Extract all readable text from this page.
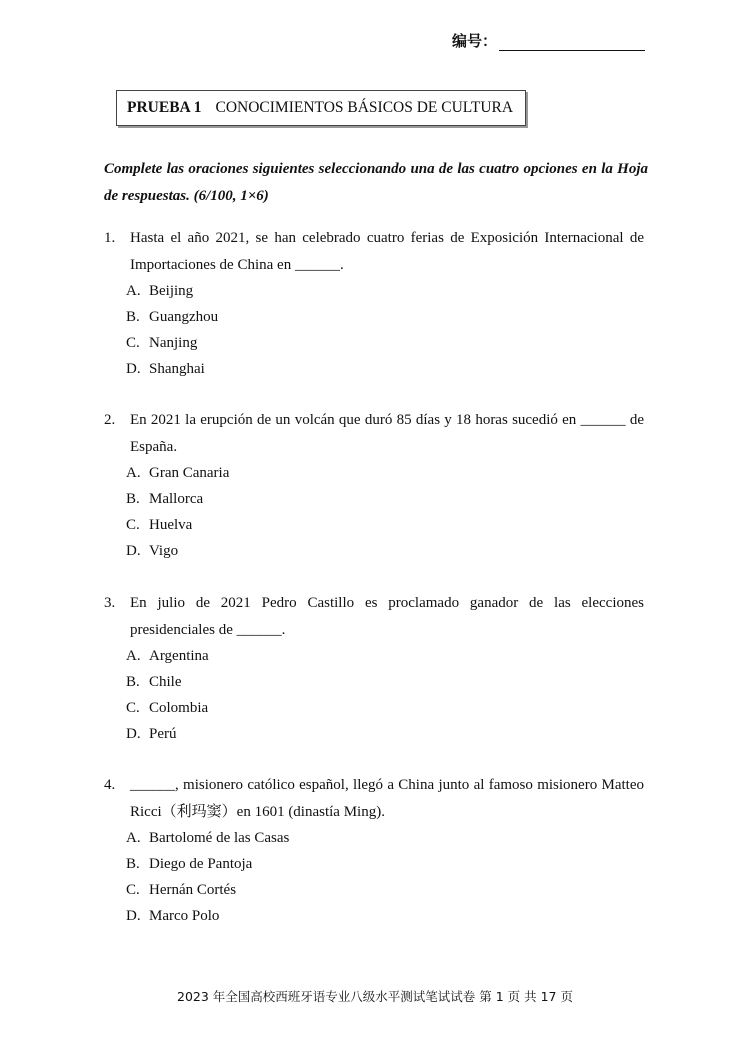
编号：
PRUEBA 1 CONOCIMIENTOS BÁSICOS DE CULTURA
Complete las oraciones siguientes seleccionando una de las cuatro opciones en la Hoja de respuestas. (6/100, 1×6)
1. Hasta el año 2021, se han celebrado cuatro ferias de Exposición Internacional de Importaciones de China en ______.
A. Beijing
B. Guangzhou
C. Nanjing
D. Shanghai
2. En 2021 la erupción de un volcán que duró 85 días y 18 horas sucedió en ______ de España.
A. Gran Canaria
B. Mallorca
C. Huelva
D. Vigo
3. En julio de 2021 Pedro Castillo es proclamado ganador de las elecciones presidenciales de ______.
A. Argentina
B. Chile
C. Colombia
D. Perú
4. ______, misionero católico español, llegó a China junto al famoso misionero Matteo Ricci（利玛窦）en 1601 (dinastía Ming).
A. Bartolomé de las Casas
B. Diego de Pantoja
C. Hernán Cortés
D. Marco Polo
2023 年全国高校西班牙语专业八级水平测试笔试试卷 第 1 页 共 17 页
